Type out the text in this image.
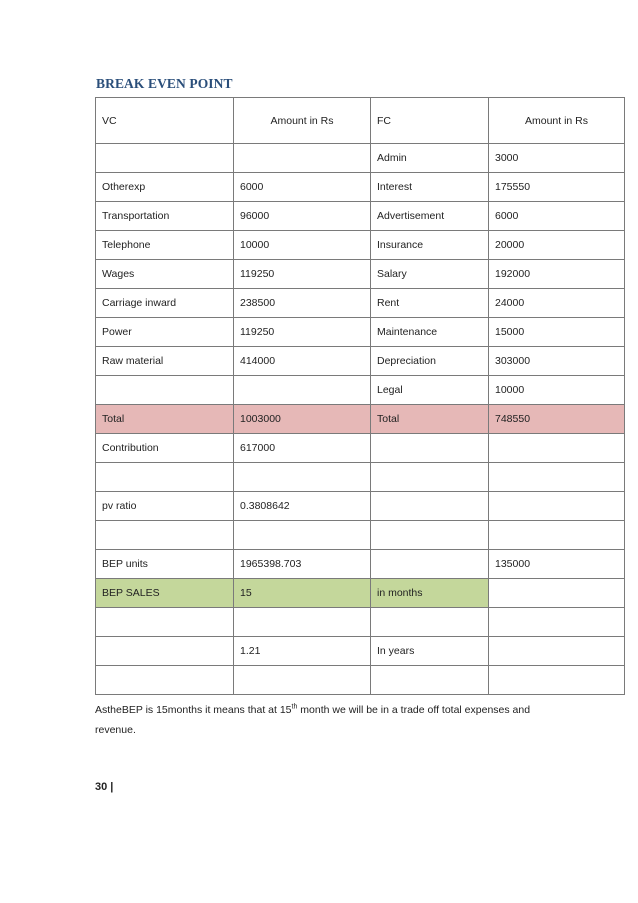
BREAK EVEN POINT
VC	Amount in Rs	FC	Amount in Rs
		Admin	3000
Otherexp	6000	Interest	175550
Transportation	96000	Advertisement	6000
Telephone	10000	Insurance	20000
Wages	119250	Salary	192000
Carriage inward	238500	Rent	24000
Power	119250	Maintenance	15000
Raw material	414000	Depreciation	303000
		Legal	10000
Total	1003000	Total	748550
Contribution	617000		

pv ratio	0.3808642		

BEP units	1965398.703		135000
BEP SALES	15	in months	

	1.21	In years	

AstheBEP is 15months it means that at 15th month we will be in a trade off total expenses and revenue.
30 |
